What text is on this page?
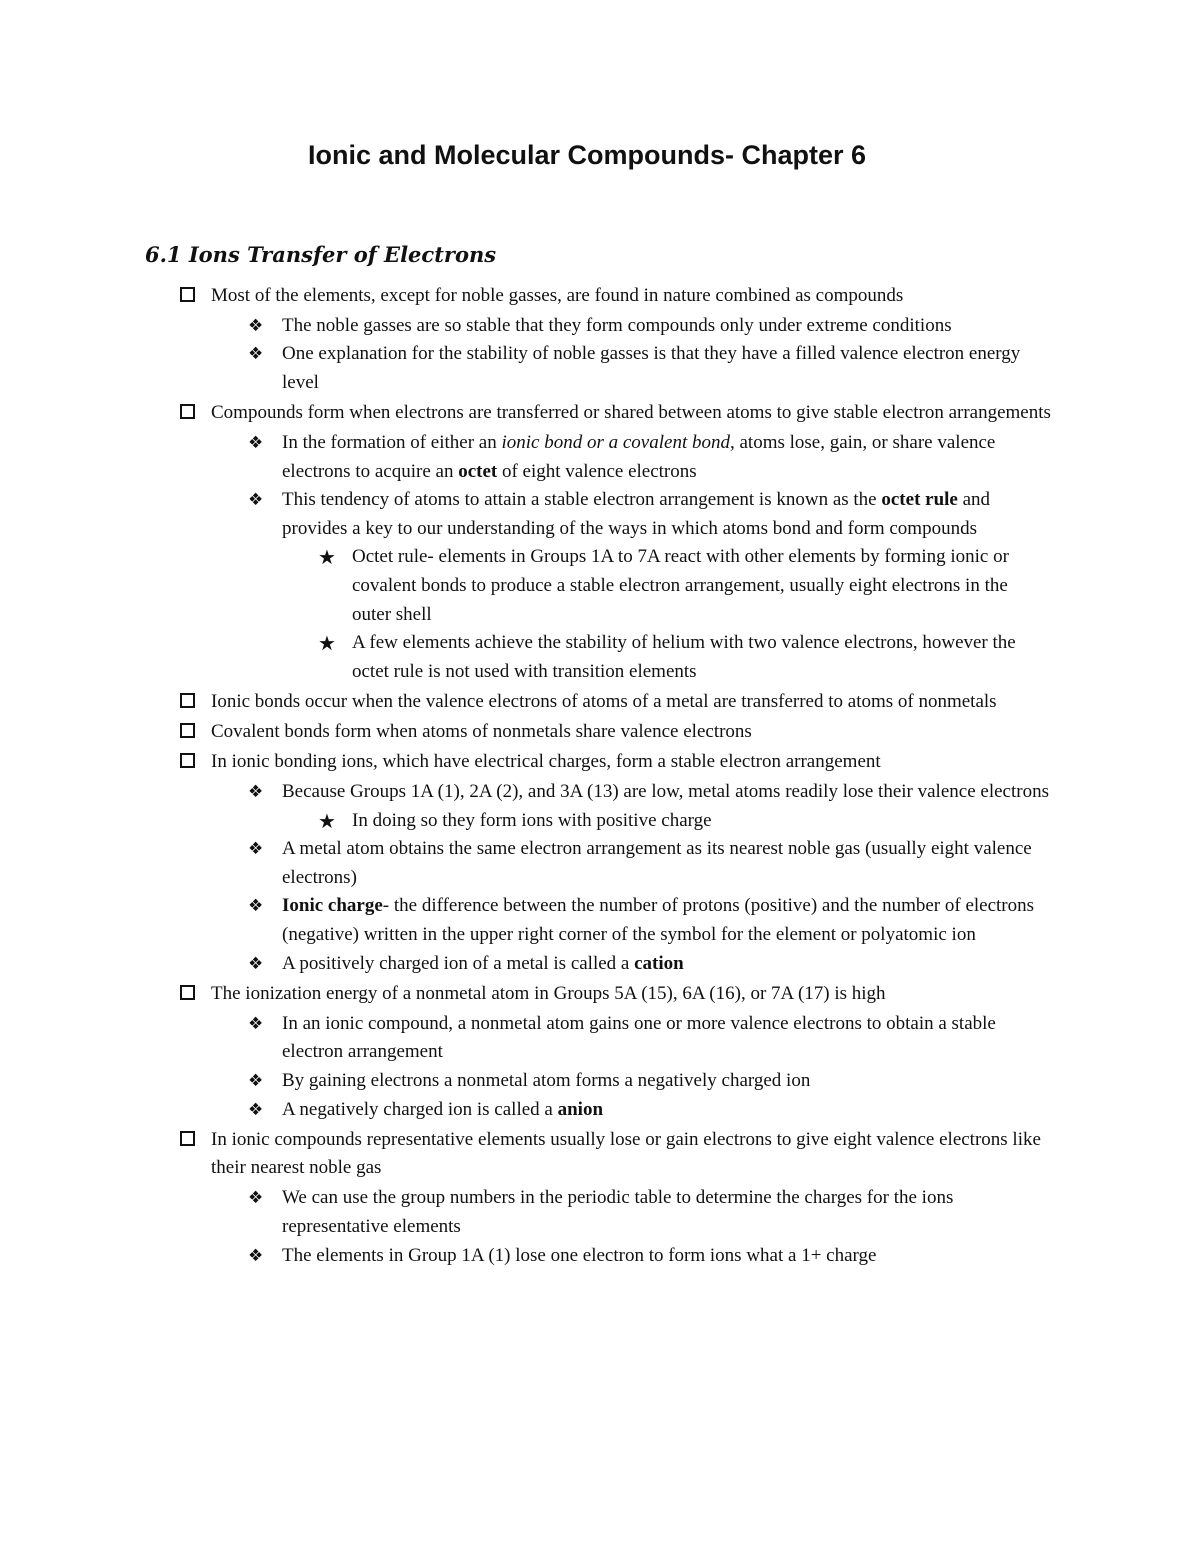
Ionic and Molecular Compounds- Chapter 6
6.1 Ions Transfer of Electrons
Most of the elements, except for noble gasses, are found in nature combined as compounds
❖ The noble gasses are so stable that they form compounds only under extreme conditions
❖ One explanation for the stability of noble gasses is that they have a filled valence electron energy level
Compounds form when electrons are transferred or shared between atoms to give stable electron arrangements
❖ In the formation of either an ionic bond or a covalent bond, atoms lose, gain, or share valence electrons to acquire an octet of eight valence electrons
❖ This tendency of atoms to attain a stable electron arrangement is known as the octet rule and provides a key to our understanding of the ways in which atoms bond and form compounds
★ Octet rule- elements in Groups 1A to 7A react with other elements by forming ionic or covalent bonds to produce a stable electron arrangement, usually eight electrons in the outer shell
★ A few elements achieve the stability of helium with two valence electrons, however the octet rule is not used with transition elements
Ionic bonds occur when the valence electrons of atoms of a metal are transferred to atoms of nonmetals
Covalent bonds form when atoms of nonmetals share valence electrons
In ionic bonding ions, which have electrical charges, form a stable electron arrangement
❖ Because Groups 1A (1), 2A (2), and 3A (13) are low, metal atoms readily lose their valence electrons
★ In doing so they form ions with positive charge
❖ A metal atom obtains the same electron arrangement as its nearest noble gas (usually eight valence electrons)
❖ Ionic charge- the difference between the number of protons (positive) and the number of electrons (negative) written in the upper right corner of the symbol for the element or polyatomic ion
❖ A positively charged ion of a metal is called a cation
The ionization energy of a nonmetal atom in Groups 5A (15), 6A (16), or 7A (17) is high
❖ In an ionic compound, a nonmetal atom gains one or more valence electrons to obtain a stable electron arrangement
❖ By gaining electrons a nonmetal atom forms a negatively charged ion
❖ A negatively charged ion is called a anion
In ionic compounds representative elements usually lose or gain electrons to give eight valence electrons like their nearest noble gas
❖ We can use the group numbers in the periodic table to determine the charges for the ions representative elements
❖ The elements in Group 1A (1) lose one electron to form ions what a 1+ charge
